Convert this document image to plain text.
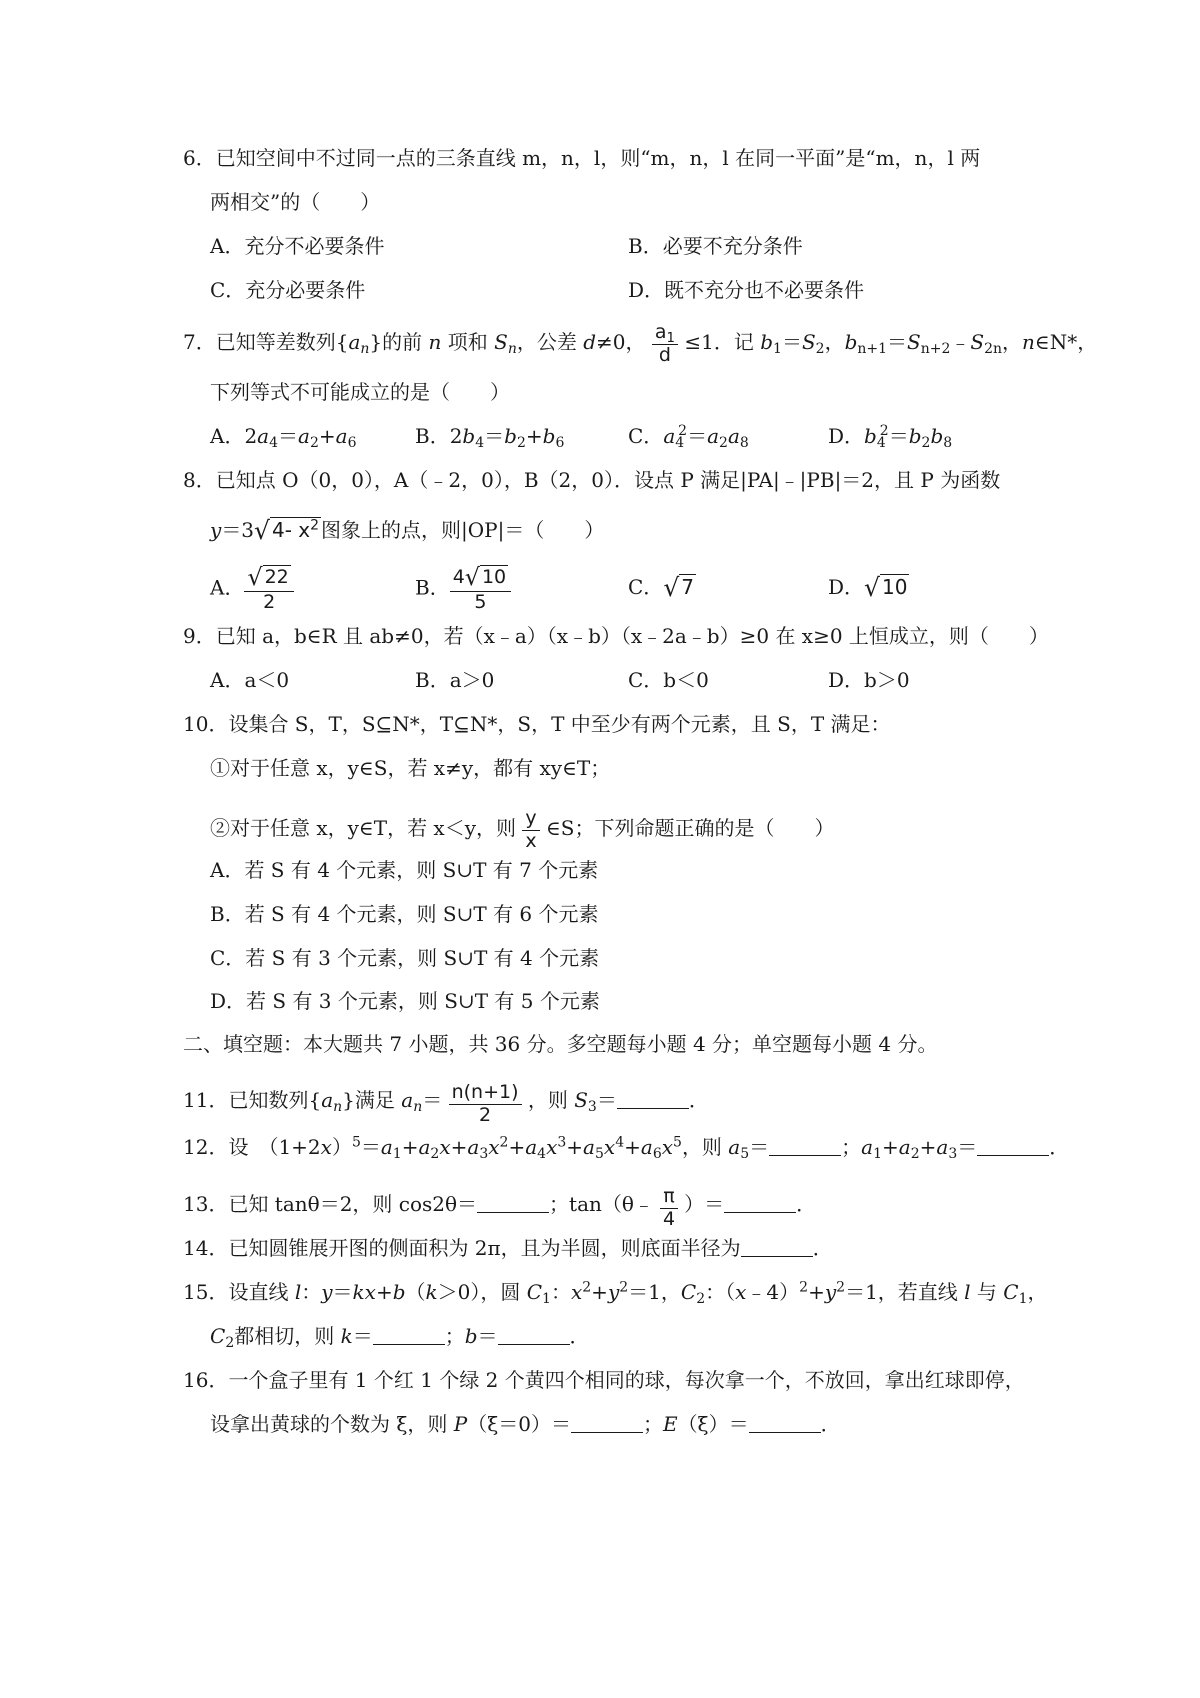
6．已知空间中不过同一点的三条直线 m，n，l，则“m，n，l 在同一平面”是“m，n，l 两
两相交”的（　　）
A．充分不必要条件	B．必要不充分条件
C．充分必要条件	D．既不充分也不必要条件
7．已知等差数列$\{a_n\}$的前 n 项和 $S_n$，公差 d≠0， $\frac{a_1}{d} \le 1$．记 $b_1=S_2$，$b_{n+1}=S_{n+2}﹣S_{2n}$，n∈N*，
下列等式不可能成立的是（　　）
A．$2a_4=a_2+a_6$	B．$2b_4=b_2+b_6$	C．$a_4^2=a_2a_8$	D．$b_4^2=b_2b_8$
8．已知点 O（0，0），A（﹣2，0），B（2，0）．设点 P 满足|PA|﹣|PB|＝2，且 P 为函数
y＝3√ 4- $x^2$ 图象上的点，则|OP|＝（　　）
A． $\frac{√ 22}{2}$	B． $\frac{4√ 10}{5}$	C．√ 7	D．√ 10
9．已知 a，b∈R 且 ab≠0，若（x﹣a）（x﹣b）（x﹣2a﹣b）≥0 在 x≥0 上恒成立，则（　　）
A．a＜0	B．a＞0	C．b＜0	D．b＞0
10．设集合 S，T，S⊆N*，T⊆N*，S，T 中至少有两个元素，且 S，T 满足：
①对于任意 x，y∈S，若 x≠y，都有 xy∈T；
②对于任意 x，y∈T，若 x＜y，则 $\frac{y}{x}$ ∈S；下列命题正确的是（　　）
A．若 S 有 4 个元素，则 S∪T 有 7 个元素
B．若 S 有 4 个元素，则 S∪T 有 6 个元素
C．若 S 有 3 个元素，则 S∪T 有 4 个元素
D．若 S 有 3 个元素，则 S∪T 有 5 个元素
二、填空题：本大题共 7 小题，共 36 分。多空题每小题 4 分；单空题每小题 4 分。
11．已知数列$\{a_n\}$满足 $a_n= \frac{n(n+1)}{2}$ ，则 $S_3=$	．
12．设　$(1+2x)^5=a_1+a_2x+a_3x^2+a_4x^3+a_5x^4+a_6x^5$，则 $a_5=$	；$a_1+a_2+a_3=$	．
13．已知 tanθ＝2，则 cos2θ＝	；tan（θ﹣ $\frac{\pi}{4}$ ）＝	．
14．已知圆锥展开图的侧面积为 2π，且为半圆，则底面半径为	．
15．设直线 l：y＝kx+b（k＞0），圆 $C_1$：$x^2+y^2=1$，$C_2$：$(x﹣4)^2+y^2=1$，若直线 l 与 $C_1$，
$C_2$都相切，则 k＝	；b＝	．
16．一个盒子里有 1 个红 1 个绿 2 个黄四个相同的球，每次拿一个，不放回，拿出红球即停，
设拿出黄球的个数为 ξ，则 P（ξ＝0）＝	；E（ξ）＝	．
